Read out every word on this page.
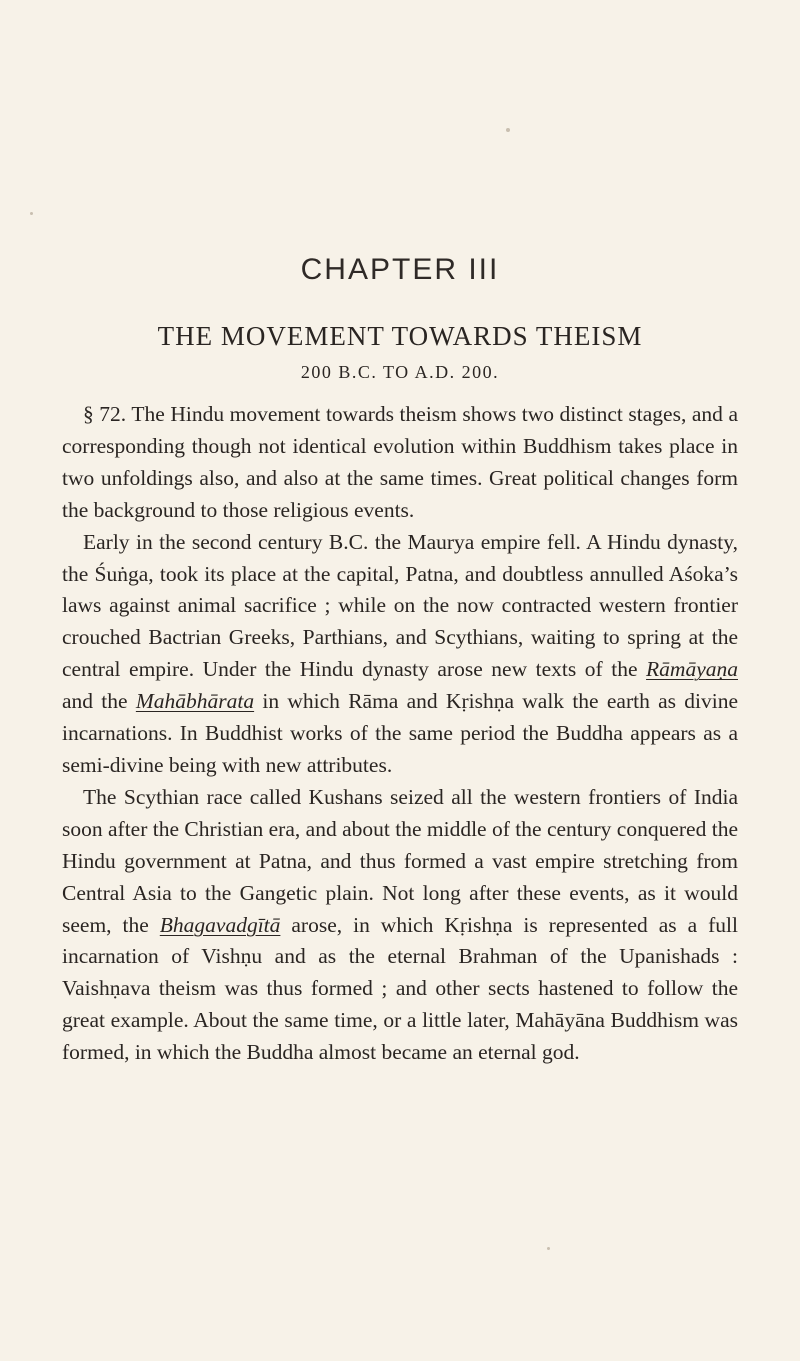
CHAPTER III
THE MOVEMENT TOWARDS THEISM
200 B.C. TO A.D. 200.

§ 72. The Hindu movement towards theism shows two distinct stages, and a corresponding though not identical evolution within Buddhism takes place in two unfoldings also, and also at the same times. Great political changes form the background to those religious events.

Early in the second century B.C. the Maurya empire fell. A Hindu dynasty, the Śuṅga, took its place at the capital, Patna, and doubtless annulled Aśoka’s laws against animal sacrifice ; while on the now contracted western frontier crouched Bactrian Greeks, Parthians, and Scythians, waiting to spring at the central empire. Under the Hindu dynasty arose new texts of the Rāmāyaṇa and the Mahābhārata in which Rāma and Kṛishṇa walk the earth as divine incarnations. In Buddhist works of the same period the Buddha appears as a semi-divine being with new attributes.

The Scythian race called Kushans seized all the western frontiers of India soon after the Christian era, and about the middle of the century conquered the Hindu government at Patna, and thus formed a vast empire stretching from Central Asia to the Gangetic plain. Not long after these events, as it would seem, the Bhagavadgītā arose, in which Kṛishṇa is represented as a full incarnation of Vishṇu and as the eternal Brahman of the Upanishads : Vaishṇava theism was thus formed ; and other sects hastened to follow the great example. About the same time, or a little later, Mahāyāna Buddhism was formed, in which the Buddha almost became an eternal god.
